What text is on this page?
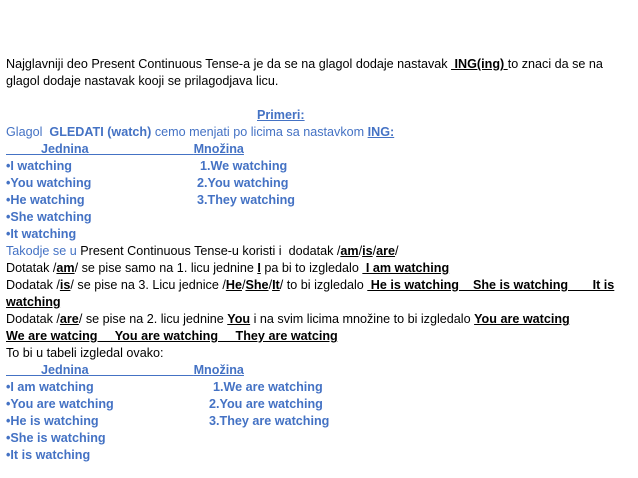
Najglavniji deo Present Continuous Tense-a je da se na glagol dodaje nastavak  ING(ing) to znaci da se na
glagol dodaje nastavak kooji se prilagodjava licu.
Primeri:
Glagol  GLEDATI (watch) cemo menjati po licima sa nastavkom ING:
Jednina	Množina
•I watching
•You watching
•He watching
•She watching
•It watching
1.We watching
2.You watching
3.They watching
Takodje se u Present Continuous Tense-u koristi i  dodatak /am/is/are/
Dotatak /am/ se pise samo na 1. licu jednine I pa bi to izgledalo  I am watching
Dodatak /is/ se pise na 3. Licu jednice /He/She/It/ to bi izgledalo  He is watching    She is watching       It is
watching
Dodatak /are/ se pise na 2. licu jednine You i na svim licima množine to bi izgledalo You are watcing
We are watcing     You are watching     They are watcing
To bi u tabeli izgledal ovako:
Jednina	Množina
•I am watching
•You are watching
•He is watching
•She is watching
•It is watching
1.We are watching
2.You are watching
3.They are watching
